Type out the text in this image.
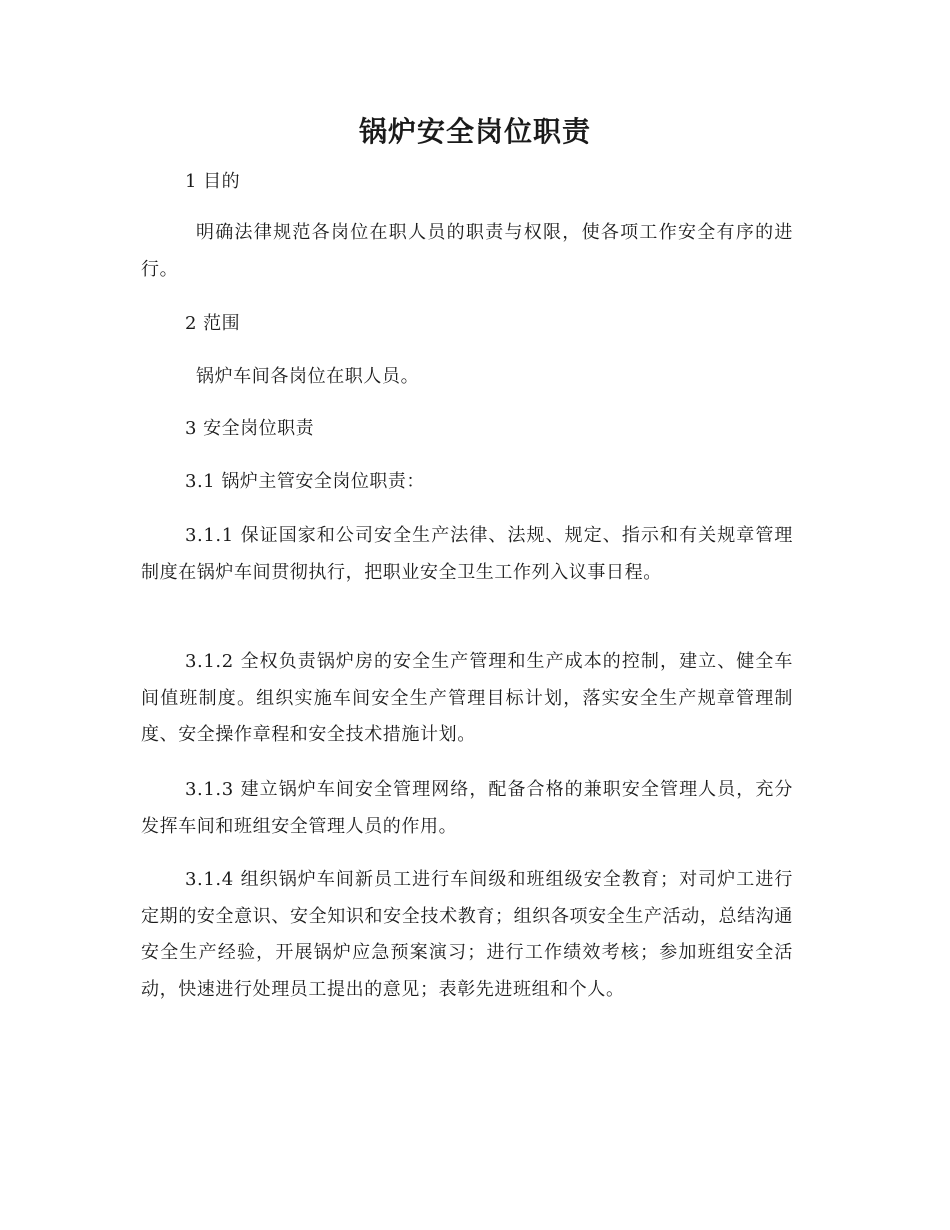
锅炉安全岗位职责

1 目的

明确法律规范各岗位在职人员的职责与权限，使各项工作安全有序的进行。

2 范围

锅炉车间各岗位在职人员。

3 安全岗位职责

3.1 锅炉主管安全岗位职责：

3.1.1 保证国家和公司安全生产法律、法规、规定、指示和有关规章管理制度在锅炉车间贯彻执行，把职业安全卫生工作列入议事日程。

3.1.2 全权负责锅炉房的安全生产管理和生产成本的控制，建立、健全车间值班制度。组织实施车间安全生产管理目标计划，落实安全生产规章管理制度、安全操作章程和安全技术措施计划。

3.1.3 建立锅炉车间安全管理网络，配备合格的兼职安全管理人员，充分发挥车间和班组安全管理人员的作用。

3.1.4 组织锅炉车间新员工进行车间级和班组级安全教育；对司炉工进行定期的安全意识、安全知识和安全技术教育；组织各项安全生产活动，总结沟通安全生产经验，开展锅炉应急预案演习；进行工作绩效考核；参加班组安全活动，快速进行处理员工提出的意见；表彰先进班组和个人。
